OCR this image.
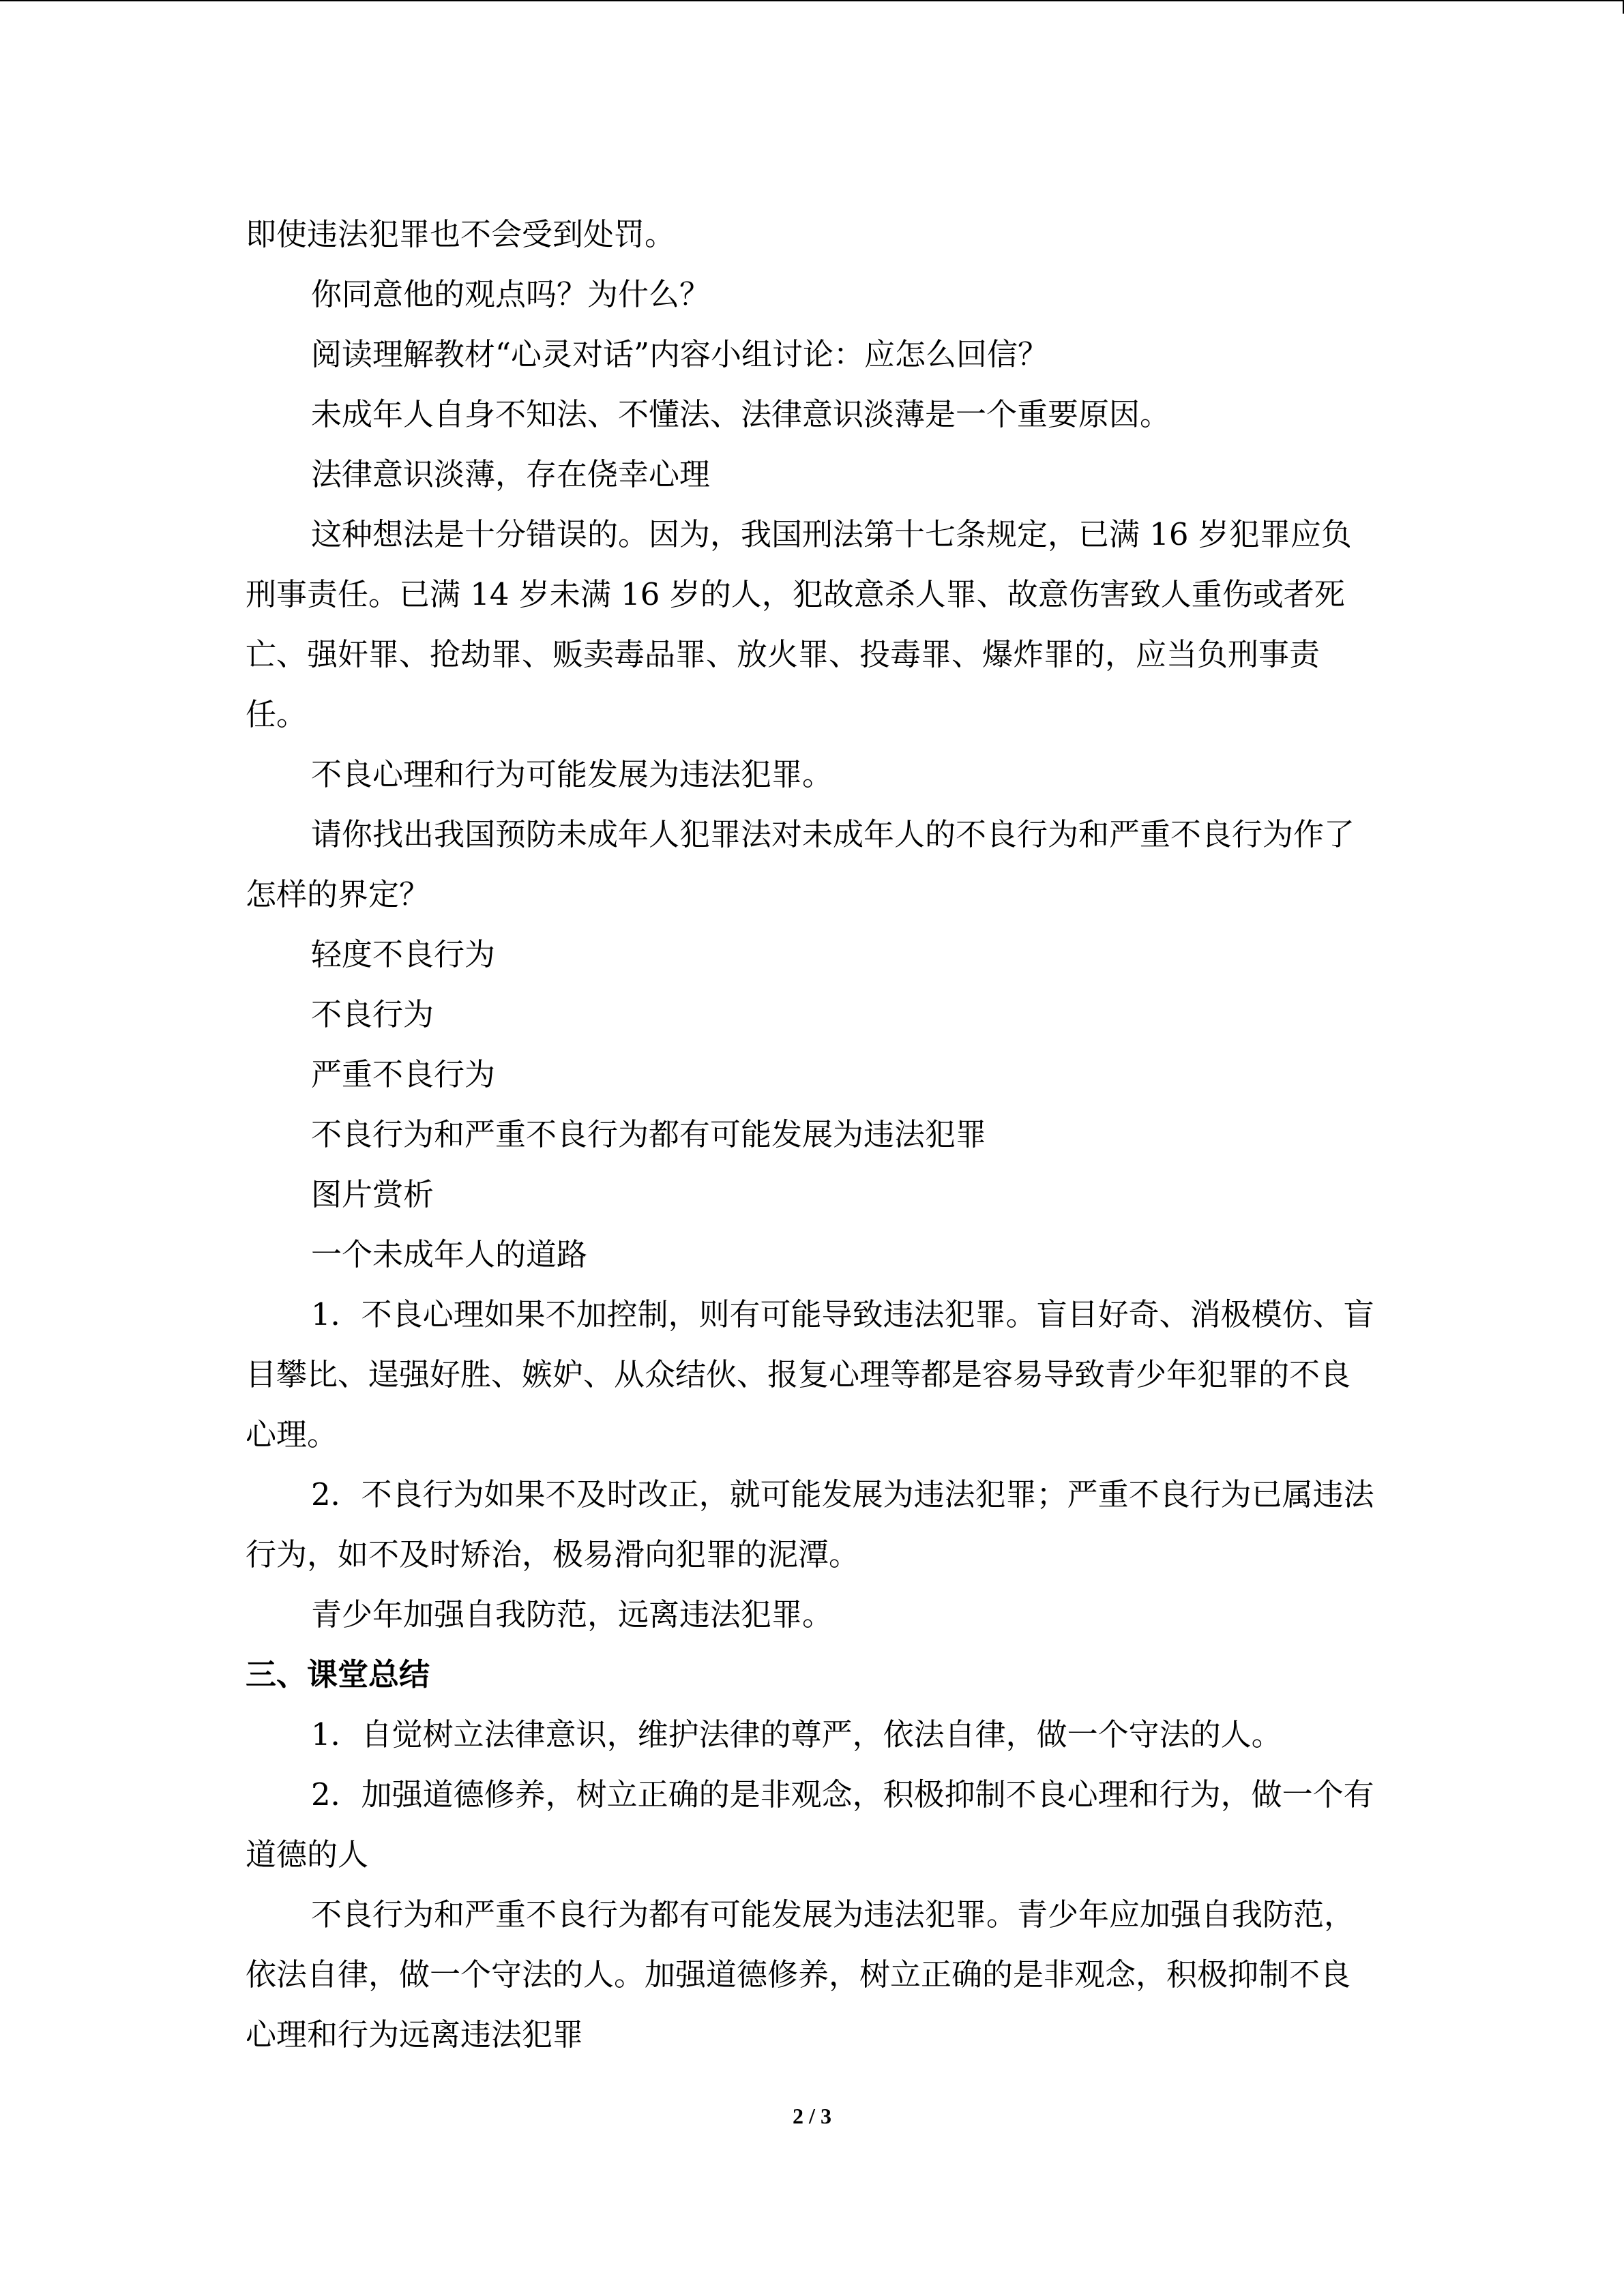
即使违法犯罪也不会受到处罚。

你同意他的观点吗？为什么？

阅读理解教材“心灵对话”内容小组讨论：应怎么回信？

未成年人自身不知法、不懂法、法律意识淡薄是一个重要原因。

法律意识淡薄，存在侥幸心理

这种想法是十分错误的。因为，我国刑法第十七条规定，已满 16 岁犯罪应负刑事责任。已满 14 岁未满 16 岁的人，犯故意杀人罪、故意伤害致人重伤或者死亡、强奸罪、抢劫罪、贩卖毒品罪、放火罪、投毒罪、爆炸罪的，应当负刑事责任。

不良心理和行为可能发展为违法犯罪。

请你找出我国预防未成年人犯罪法对未成年人的不良行为和严重不良行为作了怎样的界定？

轻度不良行为

不良行为

严重不良行为

不良行为和严重不良行为都有可能发展为违法犯罪

图片赏析

一个未成年人的道路

1．不良心理如果不加控制，则有可能导致违法犯罪。盲目好奇、消极模仿、盲目攀比、逞强好胜、嫉妒、从众结伙、报复心理等都是容易导致青少年犯罪的不良心理。

2．不良行为如果不及时改正，就可能发展为违法犯罪；严重不良行为已属违法行为，如不及时矫治，极易滑向犯罪的泥潭。

青少年加强自我防范，远离违法犯罪。

三、课堂总结

1．自觉树立法律意识，维护法律的尊严，依法自律，做一个守法的人。

2．加强道德修养，树立正确的是非观念，积极抑制不良心理和行为，做一个有道德的人

不良行为和严重不良行为都有可能发展为违法犯罪。青少年应加强自我防范，依法自律，做一个守法的人。加强道德修养，树立正确的是非观念，积极抑制不良心理和行为远离违法犯罪

2 / 3
